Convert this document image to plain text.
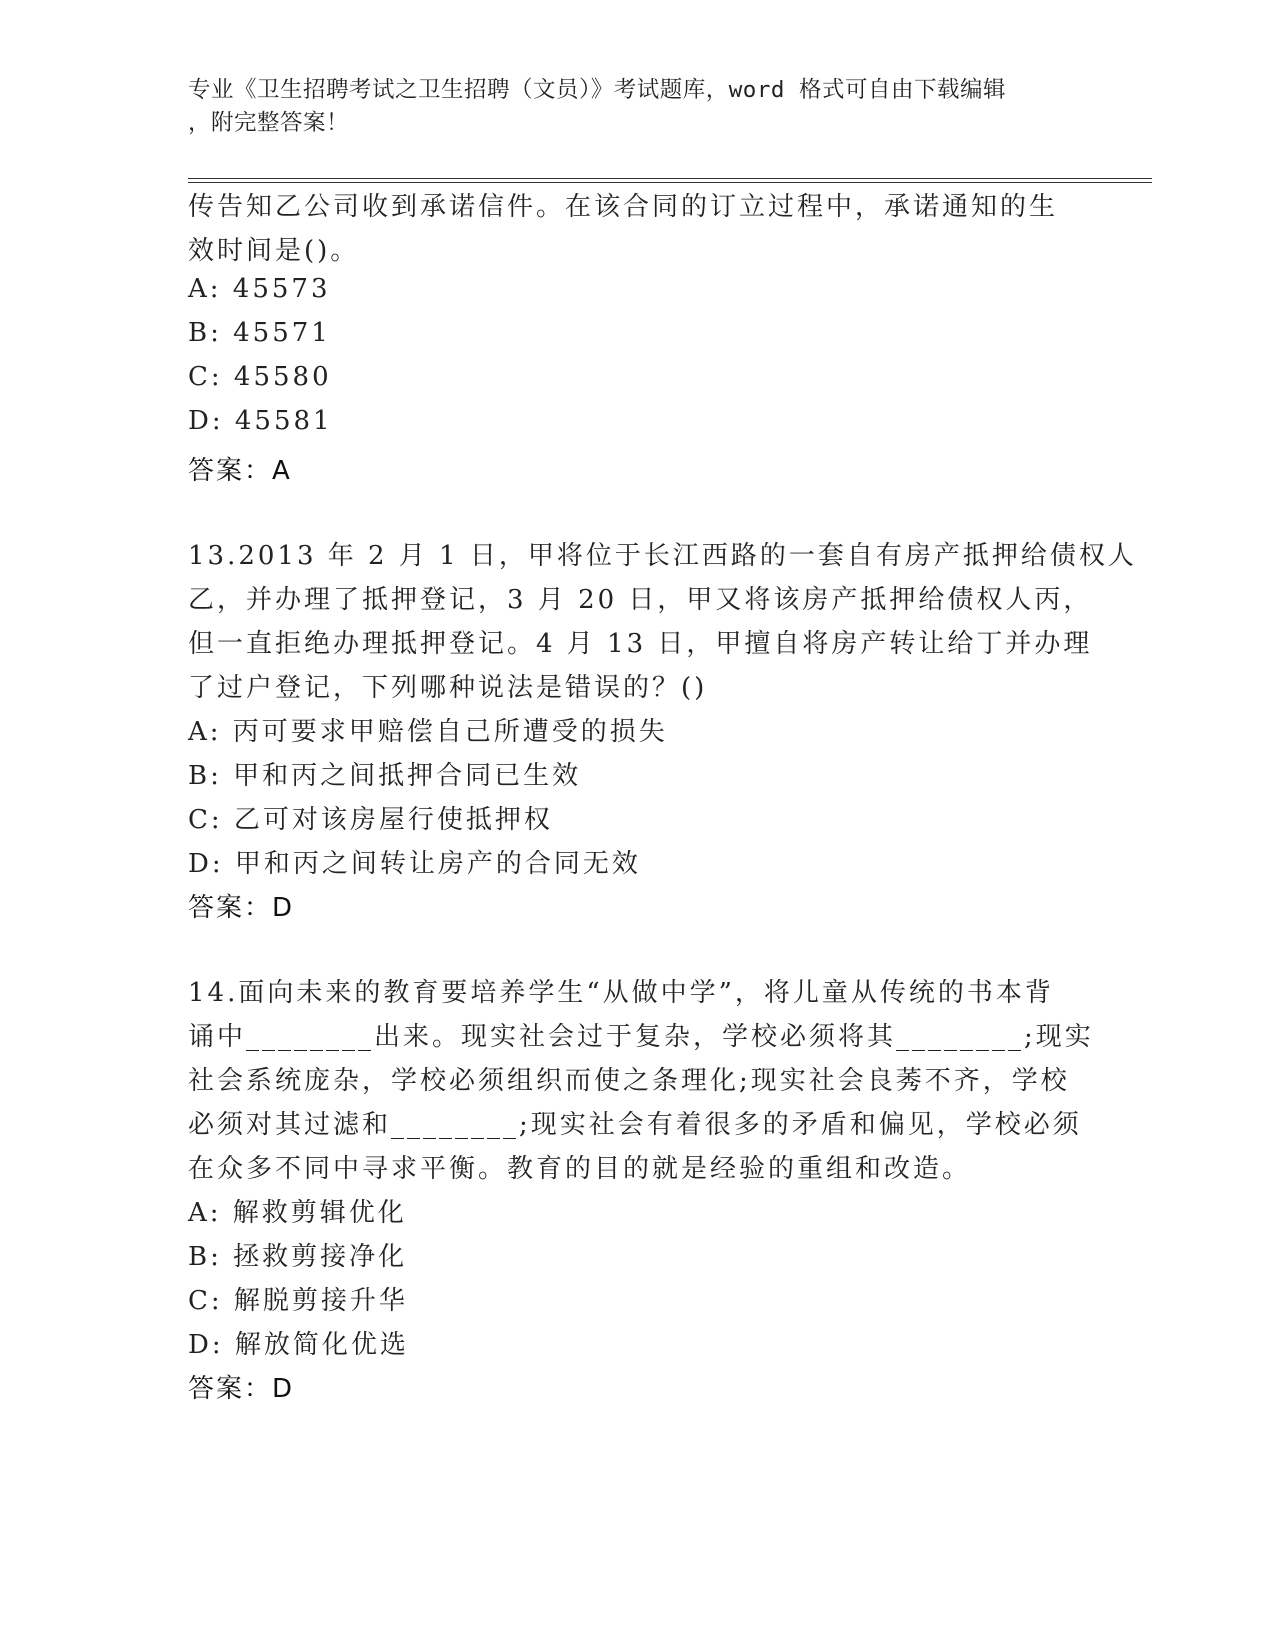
专业《卫生招聘考试之卫生招聘（文员）》考试题库，word 格式可自由下载编辑
，附完整答案！
传告知乙公司收到承诺信件。在该合同的订立过程中，承诺通知的生
效时间是()。
A: 45573
B: 45571
C: 45580
D: 45581
答案：A
13.2013 年 2 月 1 日，甲将位于长江西路的一套自有房产抵押给债权人
乙，并办理了抵押登记，3 月 20 日，甲又将该房产抵押给债权人丙，
但一直拒绝办理抵押登记。4 月 13 日，甲擅自将房产转让给丁并办理
了过户登记，下列哪种说法是错误的？()
A: 丙可要求甲赔偿自己所遭受的损失
B: 甲和丙之间抵押合同已生效
C: 乙可对该房屋行使抵押权
D: 甲和丙之间转让房产的合同无效
答案：D
14.面向未来的教育要培养学生“从做中学”，将儿童从传统的书本背
诵中________出来。现实社会过于复杂，学校必须将其________;现实
社会系统庞杂，学校必须组织而使之条理化;现实社会良莠不齐，学校
必须对其过滤和________;现实社会有着很多的矛盾和偏见，学校必须
在众多不同中寻求平衡。教育的目的就是经验的重组和改造。
A: 解救剪辑优化
B: 拯救剪接净化
C: 解脱剪接升华
D: 解放简化优选
答案：D
